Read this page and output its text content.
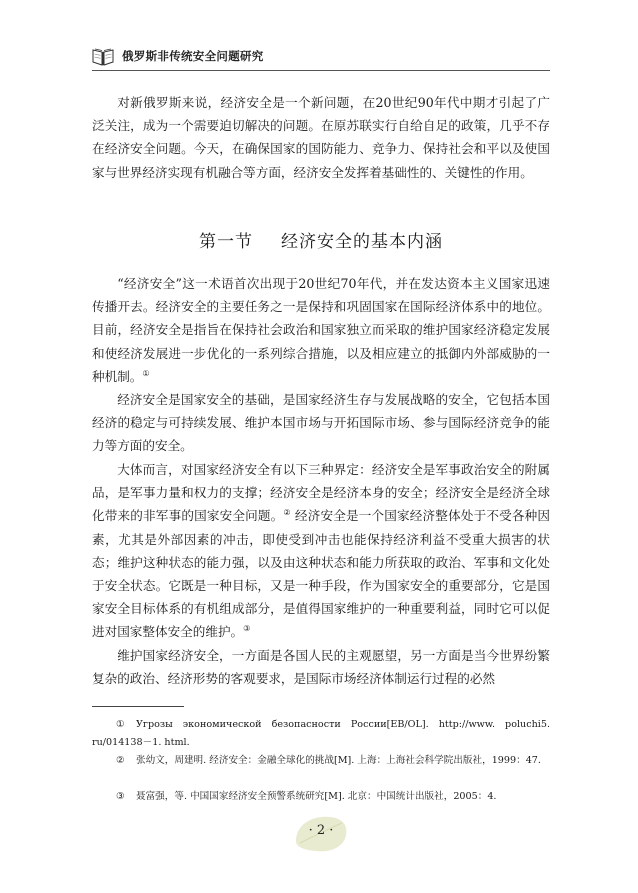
俄罗斯非传统安全问题研究

对新俄罗斯来说，经济安全是一个新问题，在20世纪90年代中期才引起了广泛关注，成为一个需要迫切解决的问题。在原苏联实行自给自足的政策，几乎不存在经济安全问题。今天，在确保国家的国防能力、竞争力、保持社会和平以及使国家与世界经济实现有机融合等方面，经济安全发挥着基础性的、关键性的作用。

第一节 经济安全的基本内涵

“经济安全”这一术语首次出现于20世纪70年代，并在发达资本主义国家迅速传播开去。经济安全的主要任务之一是保持和巩固国家在国际经济体系中的地位。目前，经济安全是指旨在保持社会政治和国家独立而采取的维护国家经济稳定发展和使经济发展进一步优化的一系列综合措施，以及相应建立的抵御内外部威胁的一种机制。①

经济安全是国家安全的基础，是国家经济生存与发展战略的安全，它包括本国经济的稳定与可持续发展、维护本国市场与开拓国际市场、参与国际经济竞争的能力等方面的安全。

大体而言，对国家经济安全有以下三种界定：经济安全是军事政治安全的附属品，是军事力量和权力的支撑；经济安全是经济本身的安全；经济安全是经济全球化带来的非军事的国家安全问题。② 经济安全是一个国家经济整体处于不受各种因素，尤其是外部因素的冲击，即使受到冲击也能保持经济利益不受重大损害的状态；维护这种状态的能力强，以及由这种状态和能力所获取的政治、军事和文化处于安全状态。它既是一种目标，又是一种手段，作为国家安全的重要部分，它是国家安全目标体系的有机组成部分，是值得国家维护的一种重要利益，同时它可以促进对国家整体安全的维护。③

维护国家经济安全，一方面是各国人民的主观愿望，另一方面是当今世界纷繁复杂的政治、经济形势的客观要求，是国际市场经济体制运行过程的必然

① Угрозы экономической безопасности России[EB/OL]. http://www. poluchi5. ru/014138－1. html.

② 张幼文，周建明. 经济安全：金融全球化的挑战[M]. 上海：上海社会科学院出版社，1999：47.

③ 聂富强，等. 中国国家经济安全预警系统研究[M]. 北京：中国统计出版社，2005：4.

· 2 ·
